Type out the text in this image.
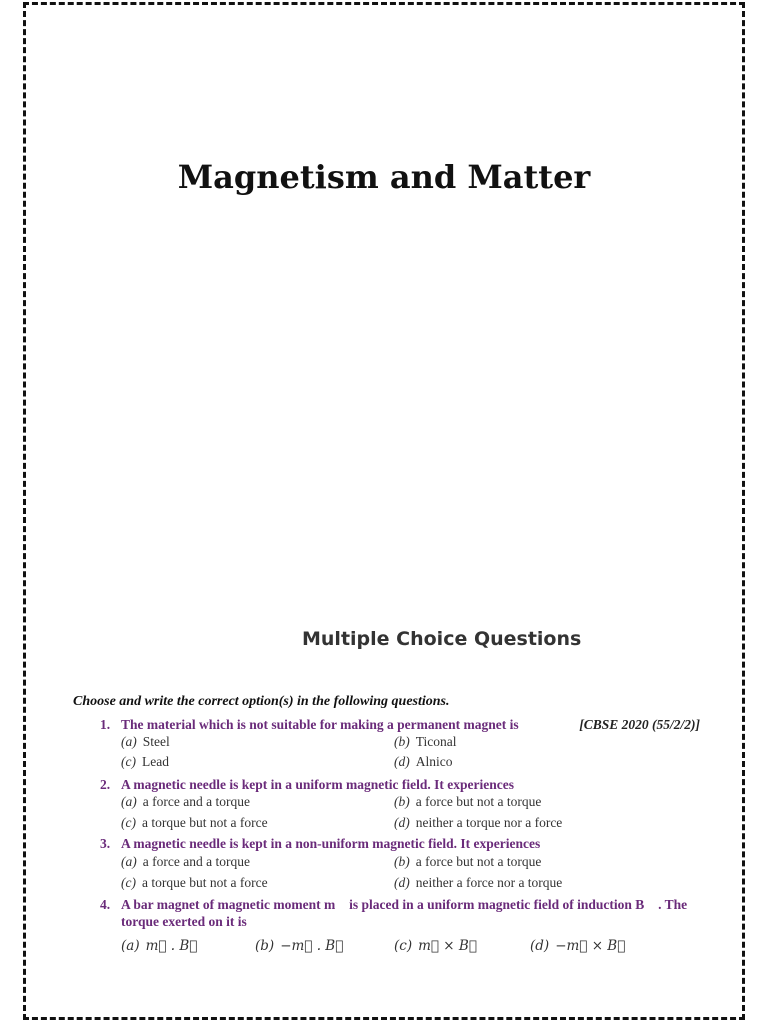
Magnetism and Matter
Multiple Choice Questions
Choose and write the correct option(s) in the following questions.
1. The material which is not suitable for making a permanent magnet is	[CBSE 2020 (55/2/2)]
(a) Steel	(b) Ticonal
(c) Lead	(d) Alnico
2. A magnetic needle is kept in a uniform magnetic field. It experiences
(a) a force and a torque	(b) a force but not a torque
(c) a torque but not a force	(d) neither a torque nor a force
3. A magnetic needle is kept in a non-uniform magnetic field. It experiences
(a) a force and a torque	(b) a force but not a torque
(c) a torque but not a force	(d) neither a force nor a torque
4. A bar magnet of magnetic moment m⃗ is placed in a uniform magnetic field of induction B⃗ . The torque exerted on it is
(a) m⃗ . B⃗	(b) −m⃗ . B⃗	(c) m⃗ × B⃗	(d) −m⃗ × B⃗
